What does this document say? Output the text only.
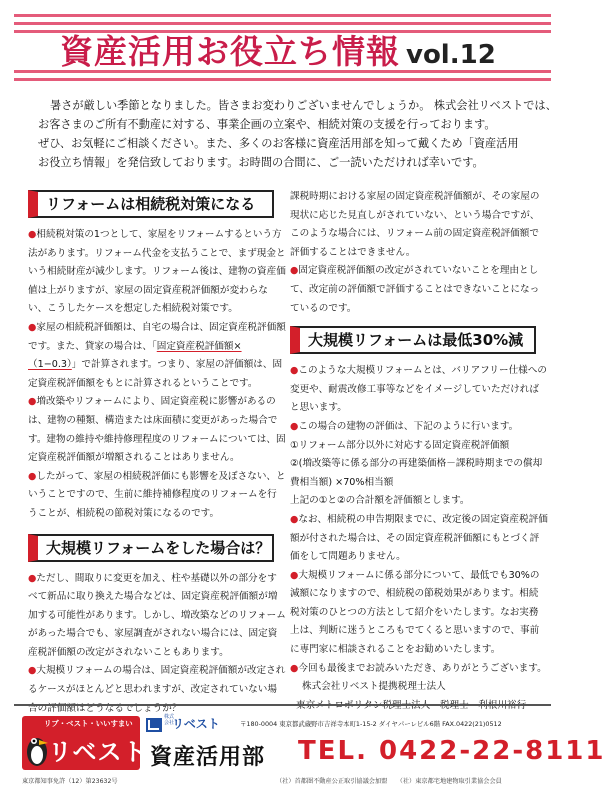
資産活用お役立ち情報 vol.12

暑さが厳しい季節となりました。皆さまお変わりございませんでしょうか。 株式会社リベストでは、

お客さまのご所有不動産に対する、事業企画の立案や、相続対策の支援を行っております。

ぜひ、お気軽にご相談ください。また、多くのお客様に資産活用部を知って戴くため「資産活用

お役立ち情報」を発信致しております。お時間の合間に、ご一読いただければ幸いです。

リフォームは相続税対策になる

●相続税対策の1つとして、家屋をリフォームするという方法があります。リフォーム代金を支払うことで、まず現金という相続財産が減少します。リフォーム後は、建物の資産価値は上がりますが、家屋の固定資産税評価額が変わらない、こうしたケースを想定した相続税対策です。

●家屋の相続税評価額は、自宅の場合は、固定資産税評価額です。また、貸家の場合は、「固定資産税評価額×（1−0.3）」で計算されます。つまり、家屋の評価額は、固定資産税評価額をもとに計算されるということです。

●増改築やリフォームにより、固定資産税に影響があるのは、建物の種類、構造または床面積に変更があった場合です。建物の維持や維持修理程度のリフォームについては、固定資産税評価額が増額されることはありません。

●したがって、家屋の相続税評価にも影響を及ぼさない、ということですので、生前に維持補修程度のリフォームを行うことが、相続税の節税対策になるのです。

大規模リフォームをした場合は？

●ただし、間取りに変更を加え、柱や基礎以外の部分をすべて新品に取り換えた場合などは、固定資産税評価額が増加する可能性があります。しかし、増改築などのリフォームがあった場合でも、家屋調査がされない場合には、固定資産税評価額の改定がされないこともあります。

●大規模リフォームの場合は、固定資産税評価額が改定されるケースがほとんどと思われますが、改定されていない場合の評価額はどうなるでしょうか？

課税時期における家屋の固定資産税評価額が、その家屋の現状に応じた見直しがされていない、という場合ですが、このような場合には、リフォーム前の固定資産税評価額で評価することはできません。

●固定資産税評価額の改定がされていないことを理由として、改定前の評価額で評価することはできないことになっているのです。

大規模リフォームは最低30%減

●このような大規模リフォームとは、バリアフリー仕様への変更や、耐震改修工事等などをイメージしていただければと思います。

●この場合の建物の評価は、下記のように行います。

①リフォーム部分以外に対応する固定資産税評価額

②(増改築等に係る部分の再建築価格－課税時期までの償却費相当額) ×70%相当額

上記の①と②の合計額を評価額とします。

●なお、相続税の申告期限までに、改定後の固定資産税評価額が付された場合は、その固定資産税評価額にもとづく評価をして問題ありません。

●大規模リフォームに係る部分について、最低でも30%の減額になりますので、相続税の節税効果があります。相続税対策のひとつの方法として紹介をいたします。なお実務上は、判断に迷うところもでてくると思いますので、事前に専門家に相談されることをお勧めいたします。

●今回も最後までお読みいただき、ありがとうございます。

株式会社リベスト提携税理士法人

東京メトロポリタン税理士法人　税理士　利根川裕行

リブ・ベスト・いいすまい
リベスト
東京都知事免許（12）第23632号
株式
会社
リベスト	〒180-0004 東京都武蔵野市吉祥寺本町1-15-2 ダイヤパーレビル6階 FAX.0422(21)0512
資産活用部 TEL. 0422-22-8111
（社）首都圏不動産公正取引協議会加盟　　（社）東京都宅地建物取引業協会会員
